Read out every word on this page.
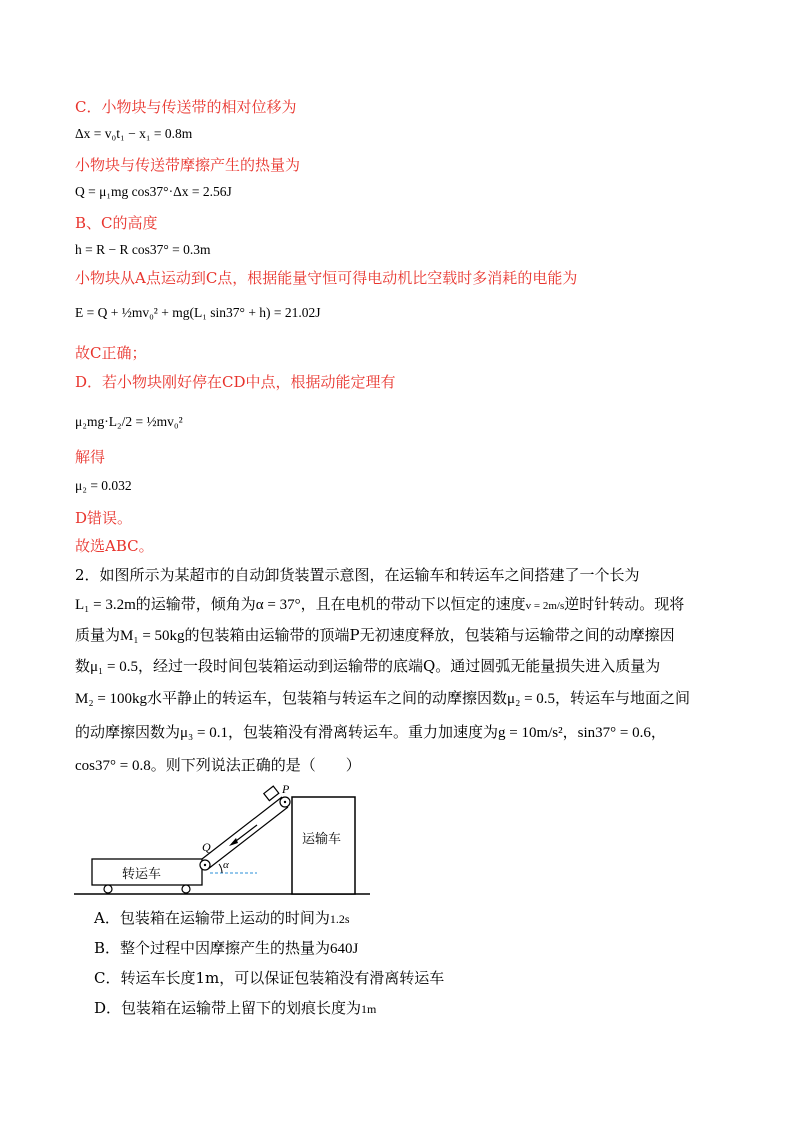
C．小物块与传送带的相对位移为
Δx = v₀t₁ − x₁ = 0.8m
小物块与传送带摩擦产生的热量为
Q = μ₁mg cos37°·Δx = 2.56J
B、C的高度
h = R − R cos37° = 0.3m
小物块从A点运动到C点，根据能量守恒可得电动机比空载时多消耗的电能为
E = Q + ½mv₀² + mg(L₁ sin37° + h) = 21.02J
故C正确；
D．若小物块刚好停在CD中点，根据动能定理有
μ₂mg·L₂/2 = ½mv₀²
解得
μ₂ = 0.032
D错误。
故选ABC。
2．如图所示为某超市的自动卸货装置示意图，在运输车和转运车之间搭建了一个长为
L₁ = 3.2m的运输带，倾角为α = 37°，且在电机的带动下以恒定的速度v = 2m/s逆时针转动。现将
质量为M₁ = 50kg的包装箱由运输带的顶端P无初速度释放，包装箱与运输带之间的动摩擦因
数μ₁ = 0.5，经过一段时间包装箱运动到运输带的底端Q。通过圆弧无能量损失进入质量为
M₂ = 100kg水平静止的转运车，包装箱与转运车之间的动摩擦因数μ₂ = 0.5，转运车与地面之间
的动摩擦因数为μ₃ = 0.1，包装箱没有滑离转运车。重力加速度为g = 10m/s²，sin37° = 0.6，
cos37° = 0.8。则下列说法正确的是（　　）
运输车
转运车
α
P
Q
A．包装箱在运输带上运动的时间为1.2s
B．整个过程中因摩擦产生的热量为640J
C．转运车长度1m，可以保证包装箱没有滑离转运车
D．包装箱在运输带上留下的划痕长度为1m
